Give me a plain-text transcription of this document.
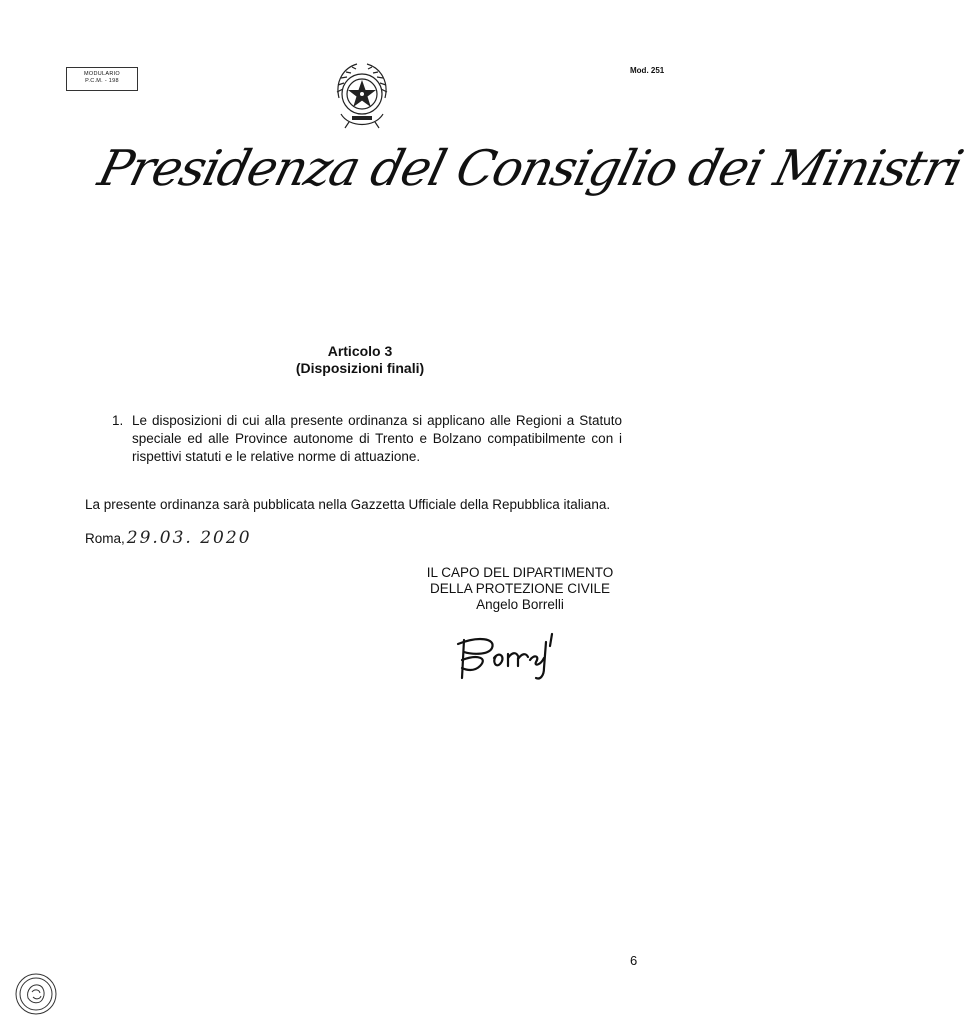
MODULARIO
P.C.M. - 198
Mod. 251
Presidenza del Consiglio dei Ministri
Articolo 3
(Disposizioni finali)
1. Le disposizioni di cui alla presente ordinanza si applicano alle Regioni a Statuto speciale ed alle Province autonome di Trento e Bolzano compatibilmente con i rispettivi statuti e le relative norme di attuazione.
La presente ordinanza sarà pubblicata nella Gazzetta Ufficiale della Repubblica italiana.
Roma, 29.03. 2020
IL CAPO DEL DIPARTIMENTO
DELLA PROTEZIONE CIVILE
Angelo Borrelli
6
